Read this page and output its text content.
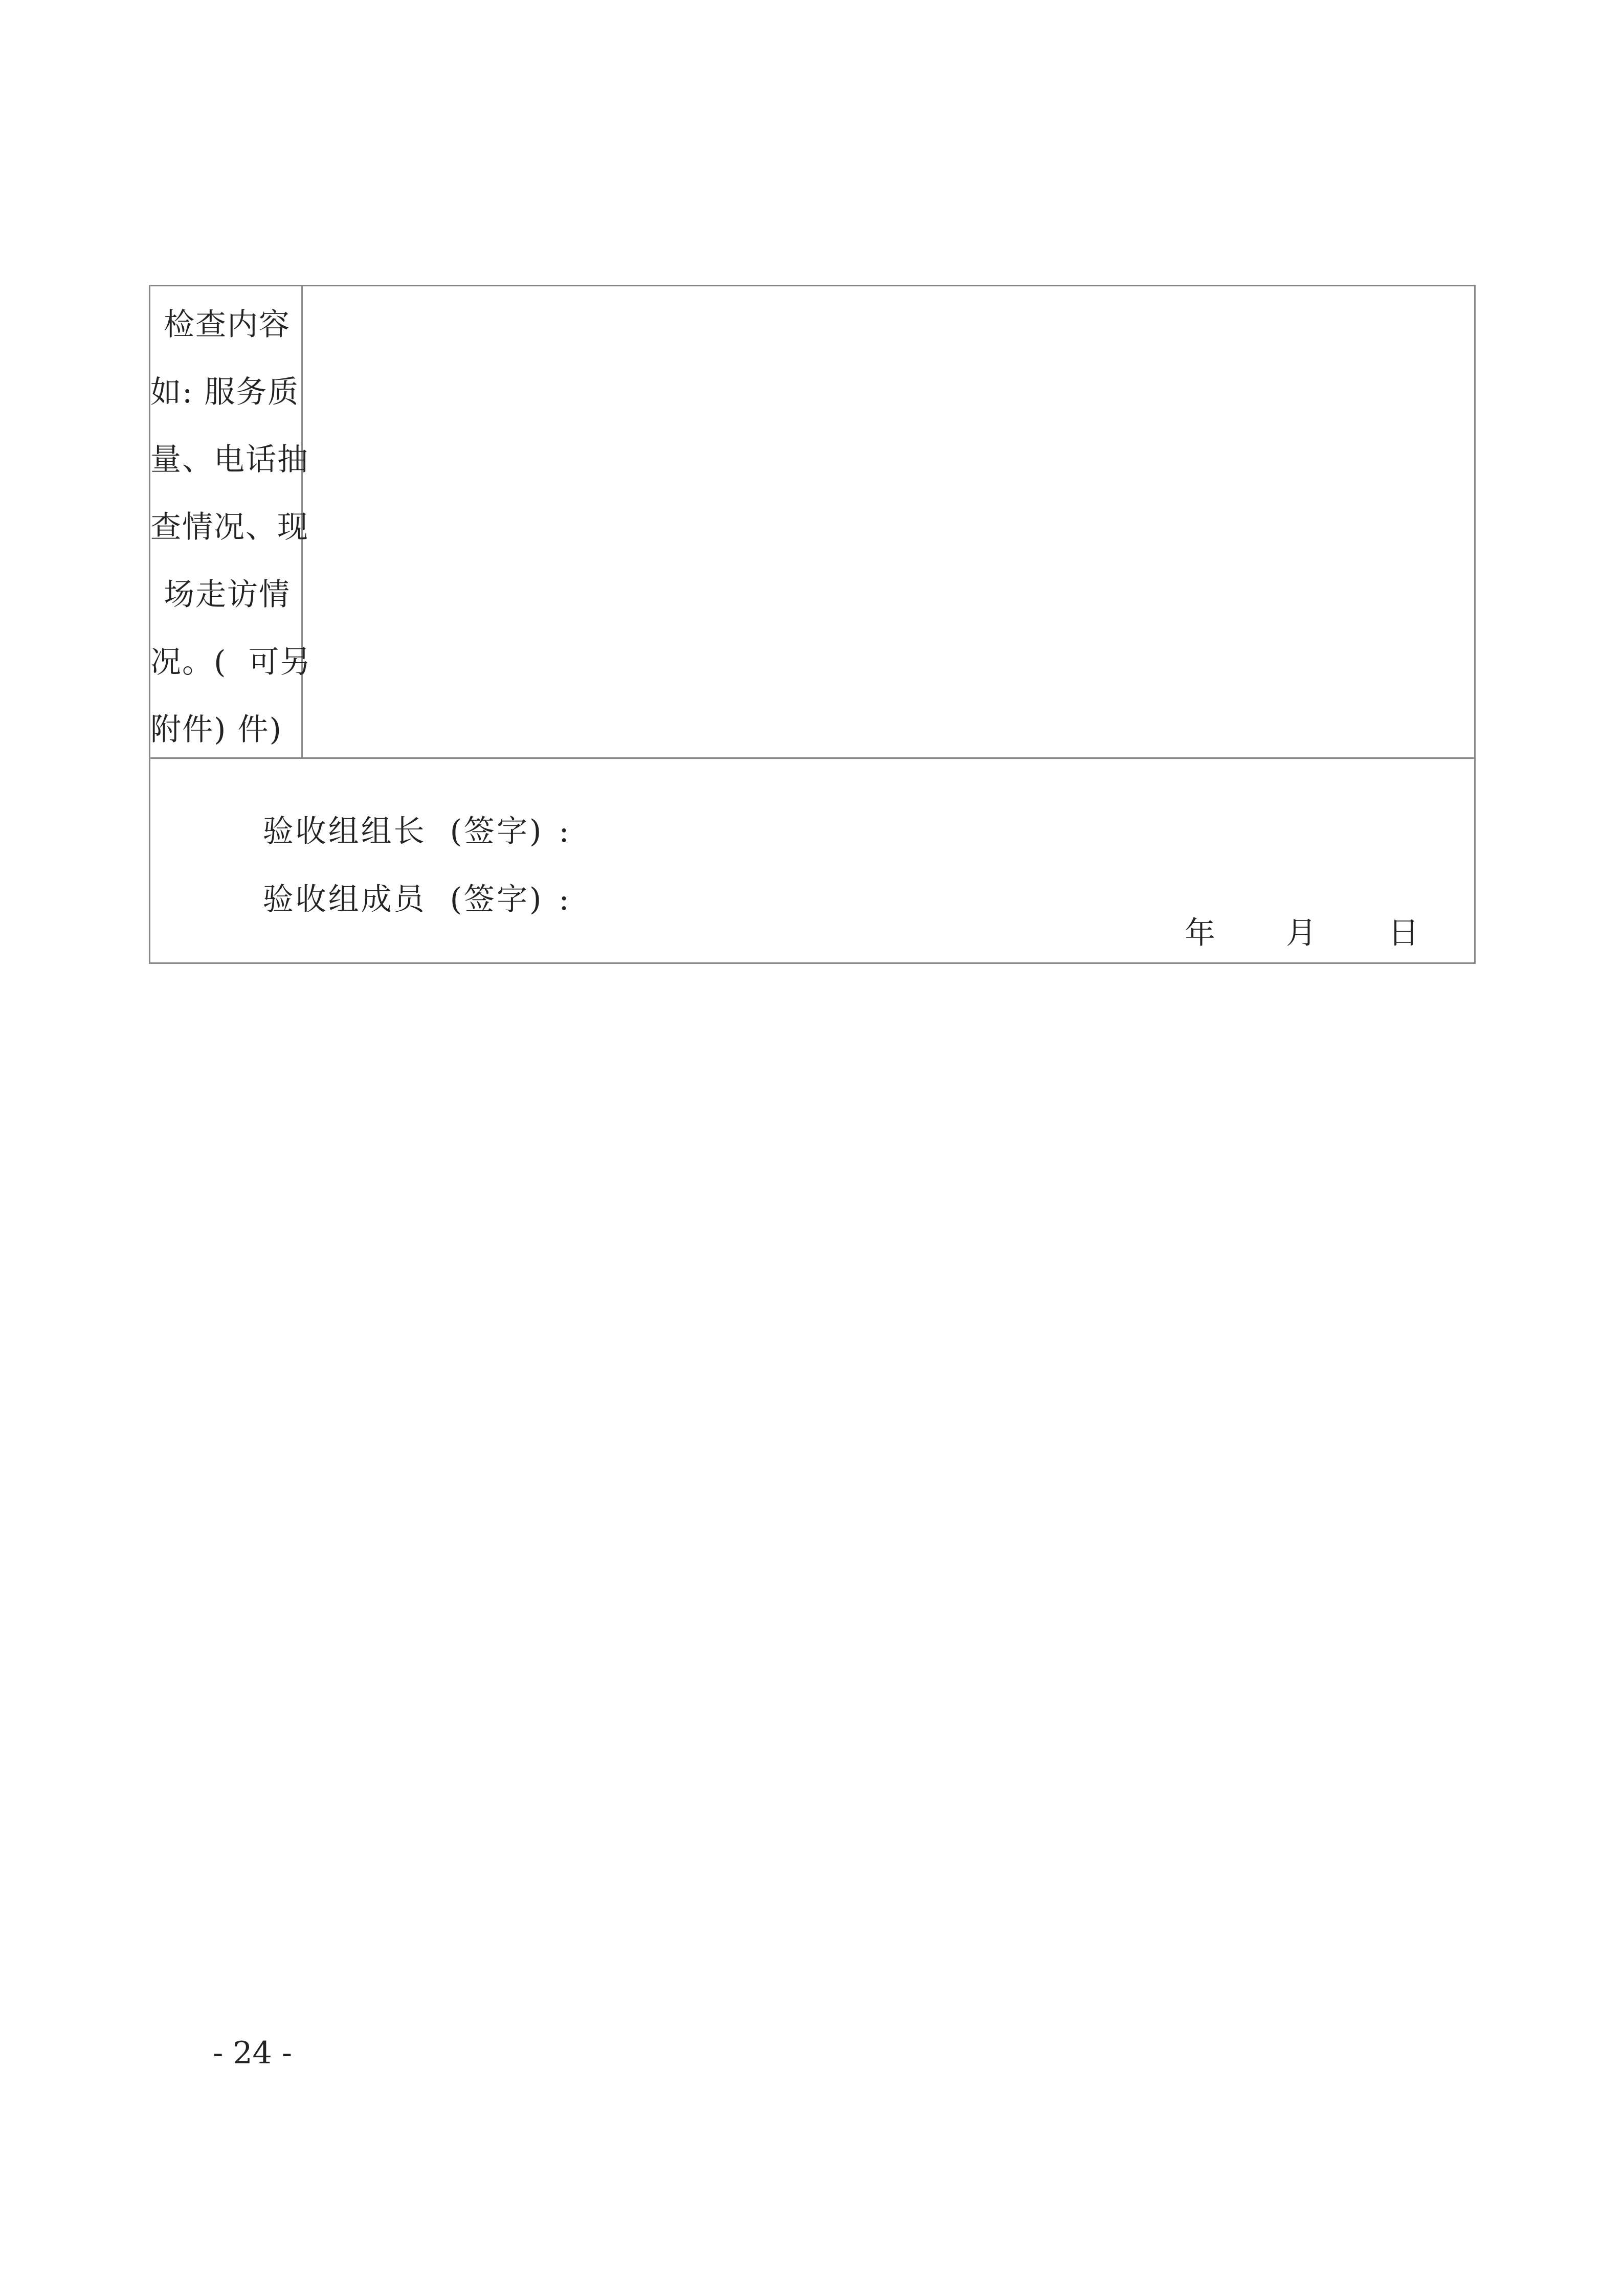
检查内容
如: 服务质
量、电话抽
查情况、现
场走访情
况。(  可另
附件) 件)

验收组组长 (签字) :

验收组成员 (签字) :

年 月 日
- 24 -
